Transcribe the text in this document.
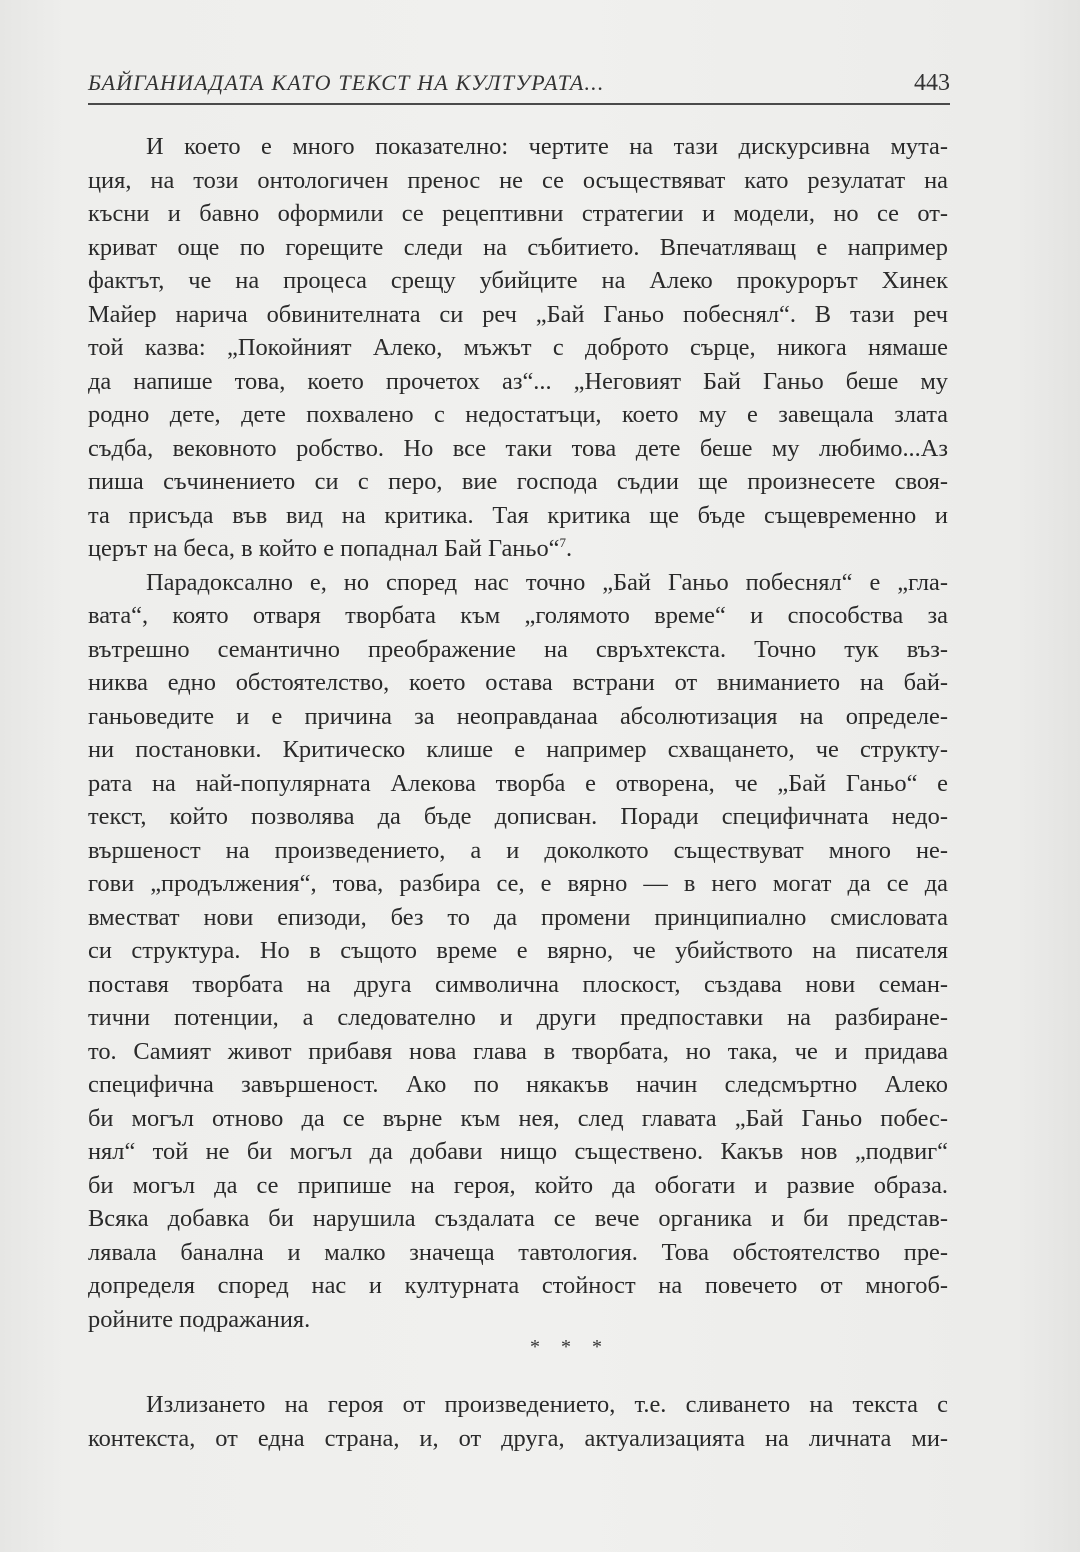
БАЙГАНИАДАТА КАТО ТЕКСТ НА КУЛТУРАТА...	443
И което е много показателно: чертите на тази дискурсивна мута-
ция, на този онтологичен пренос не се осъществяват като резулатат на
късни и бавно оформили се рецептивни стратегии и модели, но се от-
криват още по горещите следи на събитието. Впечатляващ е например
фактът, че на процеса срещу убийците на Алеко прокурорът Хинек
Майер нарича обвинителната си реч „Бай Ганьо побеснял“. В тази реч
той казва: „Покойният Алеко, мъжът с доброто сърце, никога нямаше
да напише това, което прочетох аз“... „Неговият Бай Ганьо беше му
родно дете, дете похвалено с недостатъци, което му е завещала злата
съдба, вековното робство. Но все таки това дете беше му любимо...Аз
пиша съчинението си с перо, вие господа съдии ще произнесете своя-
та присъда във вид на критика. Тая критика ще бъде същевременно и
церът на беса, в който е попаднал Бай Ганьо“$^7$.
Парадоксално е, но според нас точно „Бай Ганьо побеснял“ е „гла-
вата“, която отваря творбата към „голямото време“ и способства за
вътрешно семантично преображение на свръхтекста. Точно тук въз-
никва едно обстоятелство, което остава встрани от вниманието на бай-
ганьоведите и е причина за неоправданаа абсолютизация на определе-
ни постановки. Критическо клише е например схващането, че структу-
рата на най-популярната Алекова творба е отворена, че „Бай Ганьо“ е
текст, който позволява да бъде дописван. Поради специфичната недо-
вършеност на произведението, а и доколкото съществуват много не-
гови „продължения“, това, разбира се, е вярно — в него могат да се да
вместват нови епизоди, без то да промени принципиално смисловата
си структура. Но в същото време е вярно, че убийството на писателя
поставя творбата на друга символична плоскост, създава нови семан-
тични потенции, а следователно и други предпоставки на разбиране-
то. Самият живот прибавя нова глава в творбата, но така, че и придава
специфична завършеност. Ако по някакъв начин следсмъртно Алеко
би могъл отново да се върне към нея, след главата „Бай Ганьо побес-
нял“ той не би могъл да добави нищо съществено. Какъв нов „подвиг“
би могъл да се припише на героя, който да обогати и развие образа.
Всяка добавка би нарушила създалата се вече органика и би представ-
лявала банална и малко значеща тавтология. Това обстоятелство пре-
допределя според нас и културната стойност на повечето от многоб-
ройните подражания.
* * *
Излизането на героя от произведението, т.е. сливането на текста с
контекста, от една страна, и, от друга, актуализацията на личната ми-
